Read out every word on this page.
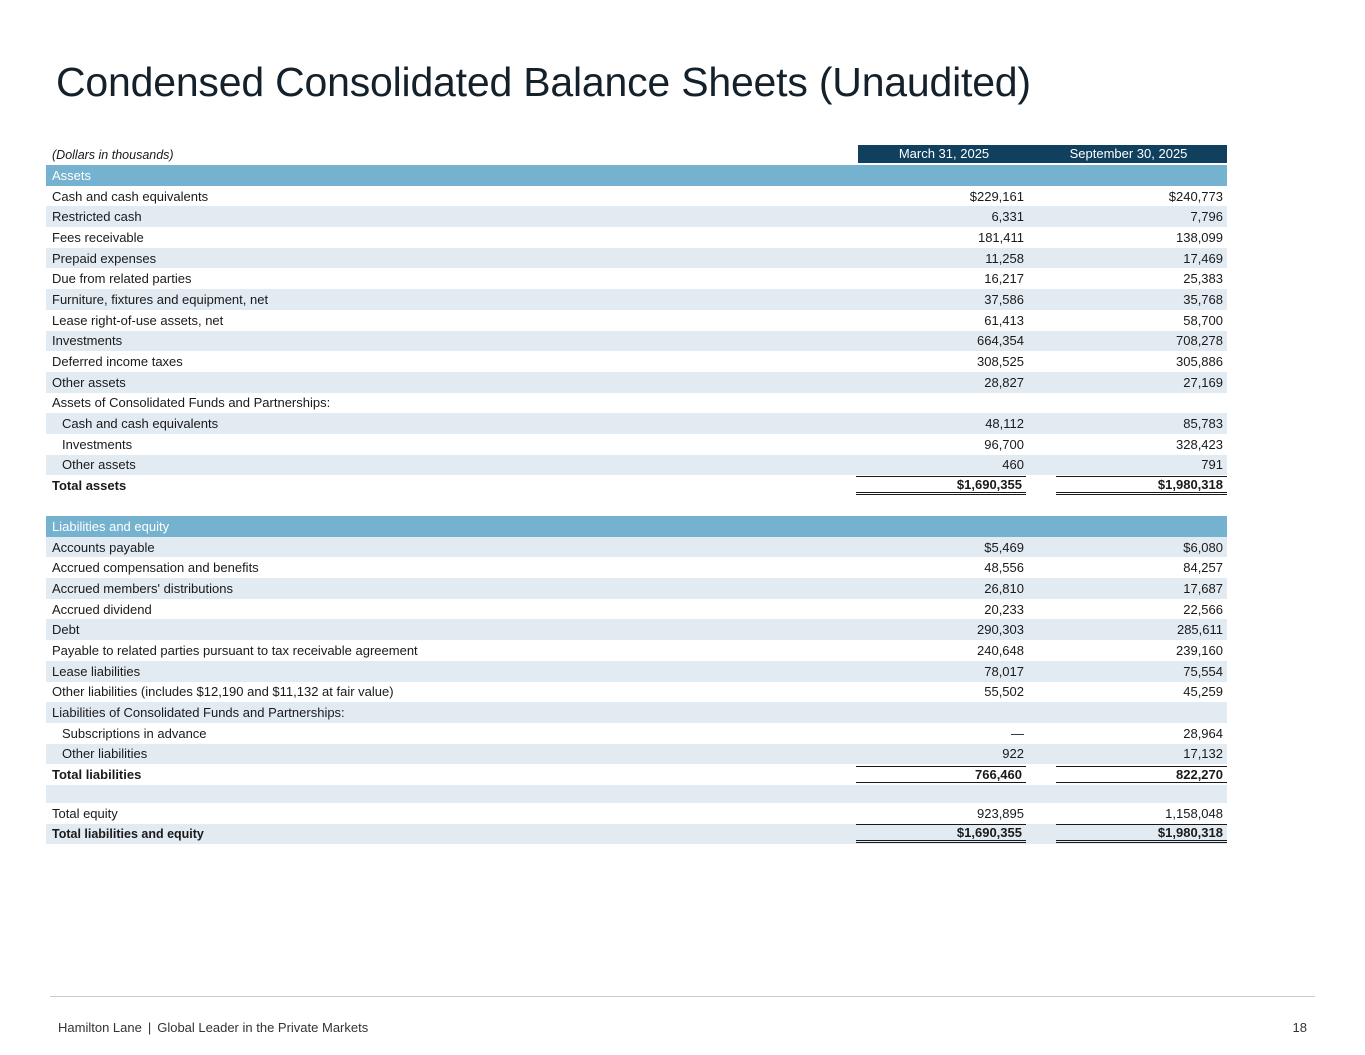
Condensed Consolidated Balance Sheets (Unaudited)
(Dollars in thousands)	March 31, 2025	September 30, 2025
Assets
Cash and cash equivalents	$229,161	$240,773
Restricted cash	6,331	7,796
Fees receivable	181,411	138,099
Prepaid expenses	11,258	17,469
Due from related parties	16,217	25,383
Furniture, fixtures and equipment, net	37,586	35,768
Lease right-of-use assets, net	61,413	58,700
Investments	664,354	708,278
Deferred income taxes	308,525	305,886
Other assets	28,827	27,169
Assets of Consolidated Funds and Partnerships:
Cash and cash equivalents	48,112	85,783
Investments	96,700	328,423
Other assets	460	791
Total assets	$1,690,355	$1,980,318
Liabilities and equity
Accounts payable	$5,469	$6,080
Accrued compensation and benefits	48,556	84,257
Accrued members' distributions	26,810	17,687
Accrued dividend	20,233	22,566
Debt	290,303	285,611
Payable to related parties pursuant to tax receivable agreement	240,648	239,160
Lease liabilities	78,017	75,554
Other liabilities (includes $12,190 and $11,132 at fair value)	55,502	45,259
Liabilities of Consolidated Funds and Partnerships:
Subscriptions in advance	—	28,964
Other liabilities	922	17,132
Total liabilities	766,460	822,270
Total equity	923,895	1,158,048
Total liabilities and equity	$1,690,355	$1,980,318
Hamilton Lane | Global Leader in the Private Markets	18
